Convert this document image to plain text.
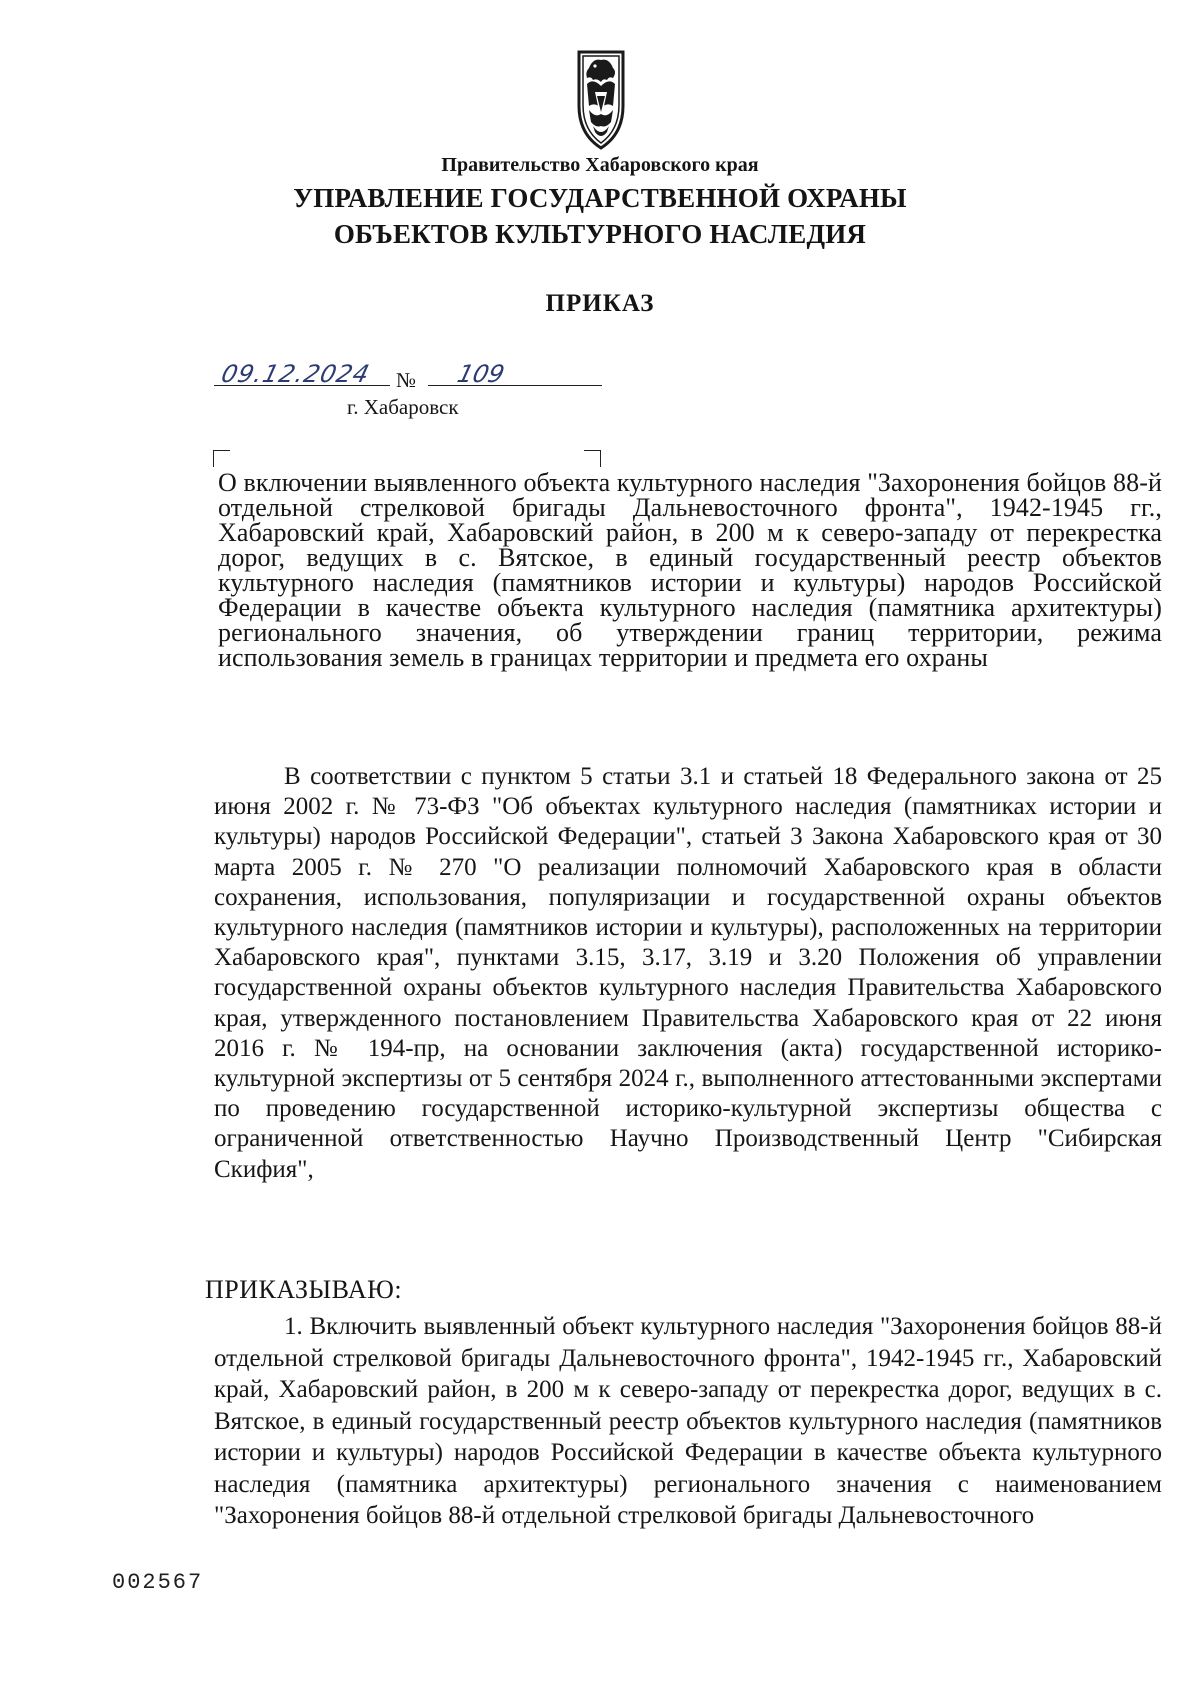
Правительство Хабаровского края
УПРАВЛЕНИЕ ГОСУДАРСТВЕННОЙ ОХРАНЫ
ОБЪЕКТОВ КУЛЬТУРНОГО НАСЛЕДИЯ
ПРИКАЗ
09.12.2024 № 109
г. Хабаровск
О включении выявленного объекта культурного наследия "Захоронения бойцов 88-й отдельной стрелковой бригады Дальневосточного фронта", 1942-1945 гг., Хабаровский край, Хабаровский район, в 200 м к северо-западу от перекрестка дорог, ведущих в с. Вятское, в единый государственный реестр объектов культурного наследия (памятников истории и культуры) народов Российской Федерации в качестве объекта культурного наследия (памятника архитектуры) регионального значения, об утверждении границ территории, режима использования земель в границах территории и предмета его охраны

В соответствии с пунктом 5 статьи 3.1 и статьей 18 Федерального закона от 25 июня 2002 г. № 73-ФЗ "Об объектах культурного наследия (памятниках истории и культуры) народов Российской Федерации", статьей 3 Закона Хабаровского края от 30 марта 2005 г. № 270 "О реализации полномочий Хабаровского края в области сохранения, использования, популяризации и государственной охраны объектов культурного наследия (памятников истории и культуры), расположенных на территории Хабаровского края", пунктами 3.15, 3.17, 3.19 и 3.20 Положения об управлении государственной охраны объектов культурного наследия Правительства Хабаровского края, утвержденного постановлением Правительства Хабаровского края от 22 июня 2016 г. № 194-пр, на основании заключения (акта) государственной историко-культурной экспертизы от 5 сентября 2024 г., выполненного аттестованными экспертами по проведению государственной историко-культурной экспертизы общества с ограниченной ответственностью Научно Производственный Центр "Сибирская Скифия",

ПРИКАЗЫВАЮ:

1. Включить выявленный объект культурного наследия "Захоронения бойцов 88-й отдельной стрелковой бригады Дальневосточного фронта", 1942-1945 гг., Хабаровский край, Хабаровский район, в 200 м к северо-западу от перекрестка дорог, ведущих в с. Вятское, в единый государственный реестр объектов культурного наследия (памятников истории и культуры) народов Российской Федерации в качестве объекта культурного наследия (памятника архитектуры) регионального значения с наименованием "Захоронения бойцов 88-й отдельной стрелковой бригады Дальневосточного

002567
